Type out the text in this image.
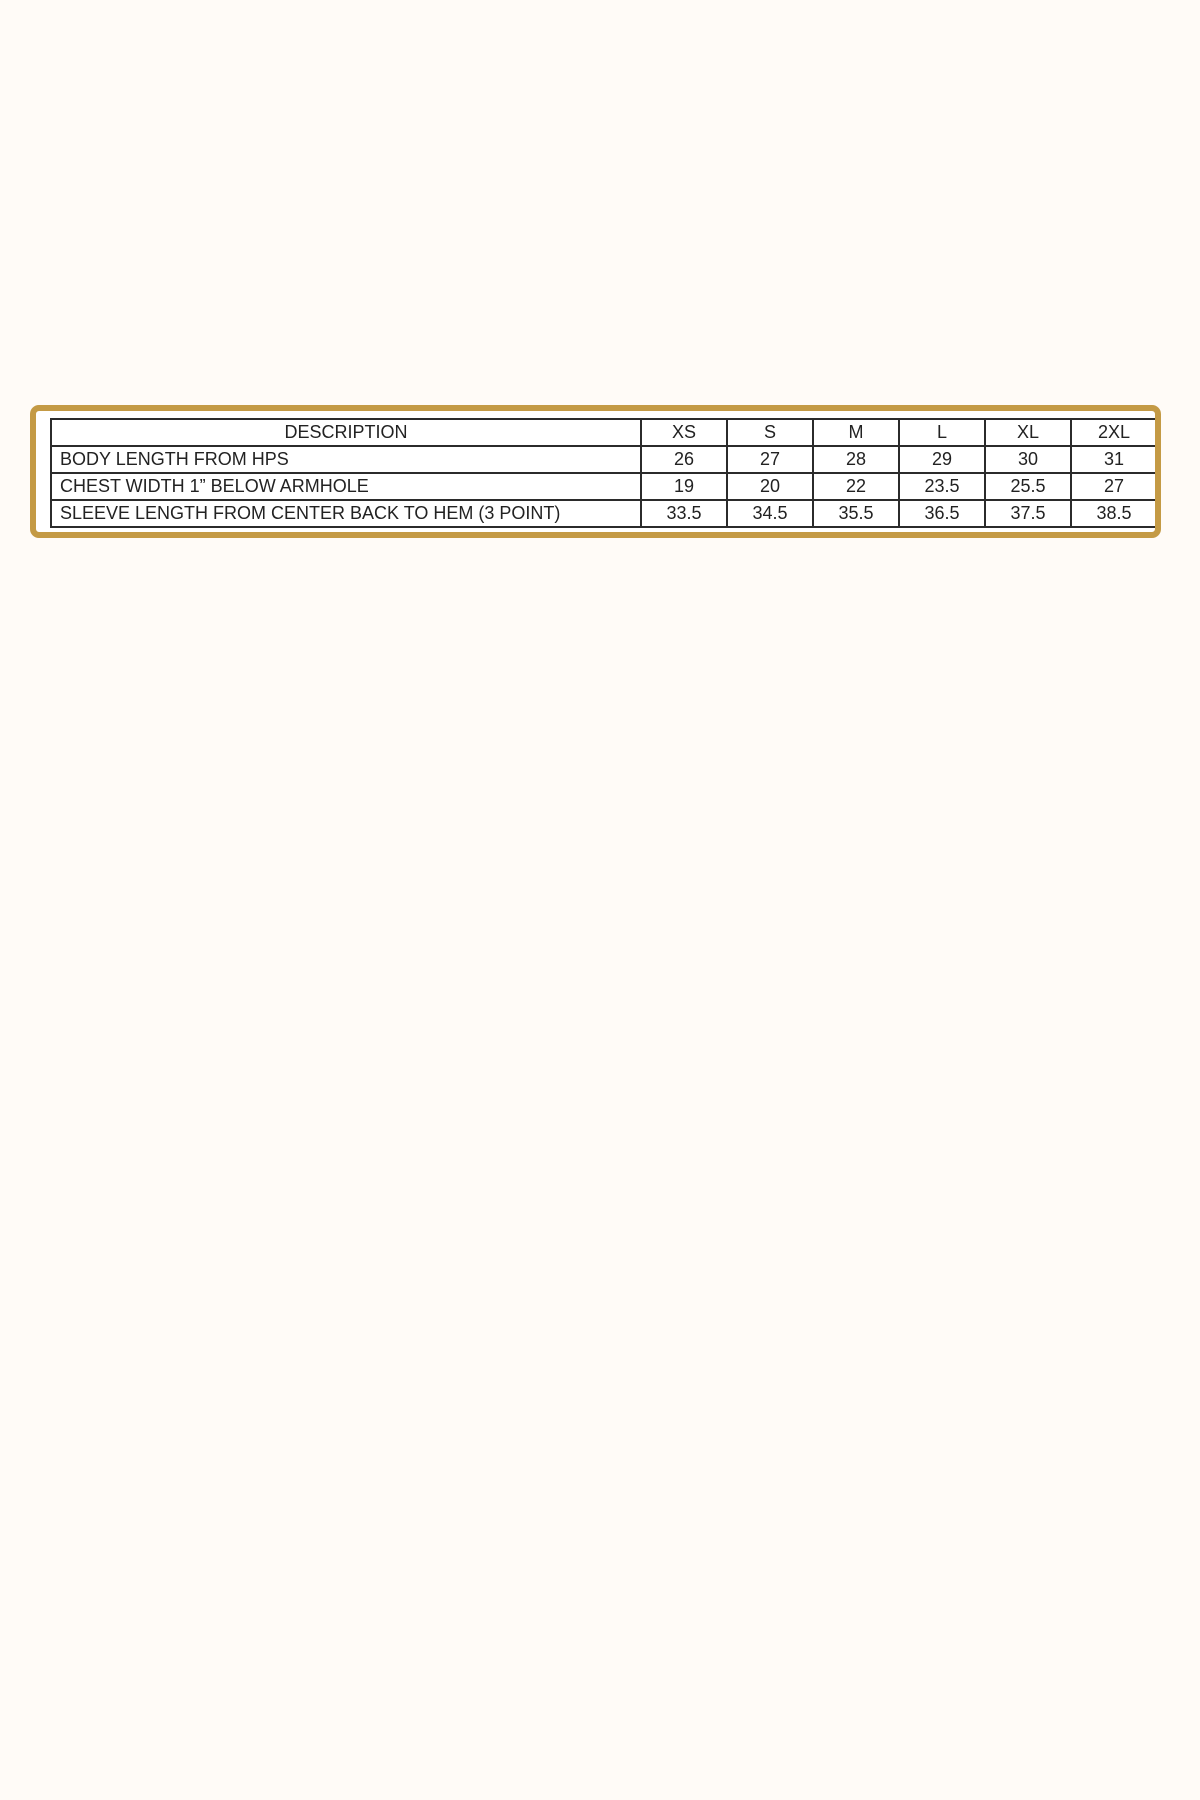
DESCRIPTION	XS	S	M	L	XL	2XL	
BODY LENGTH FROM HPS	26	27	28	29	30	31	
CHEST WIDTH 1” BELOW ARMHOLE	19	20	22	23.5	25.5	27	
SLEEVE LENGTH FROM CENTER BACK TO HEM (3 POINT)	33.5	34.5	35.5	36.5	37.5	38.5	
